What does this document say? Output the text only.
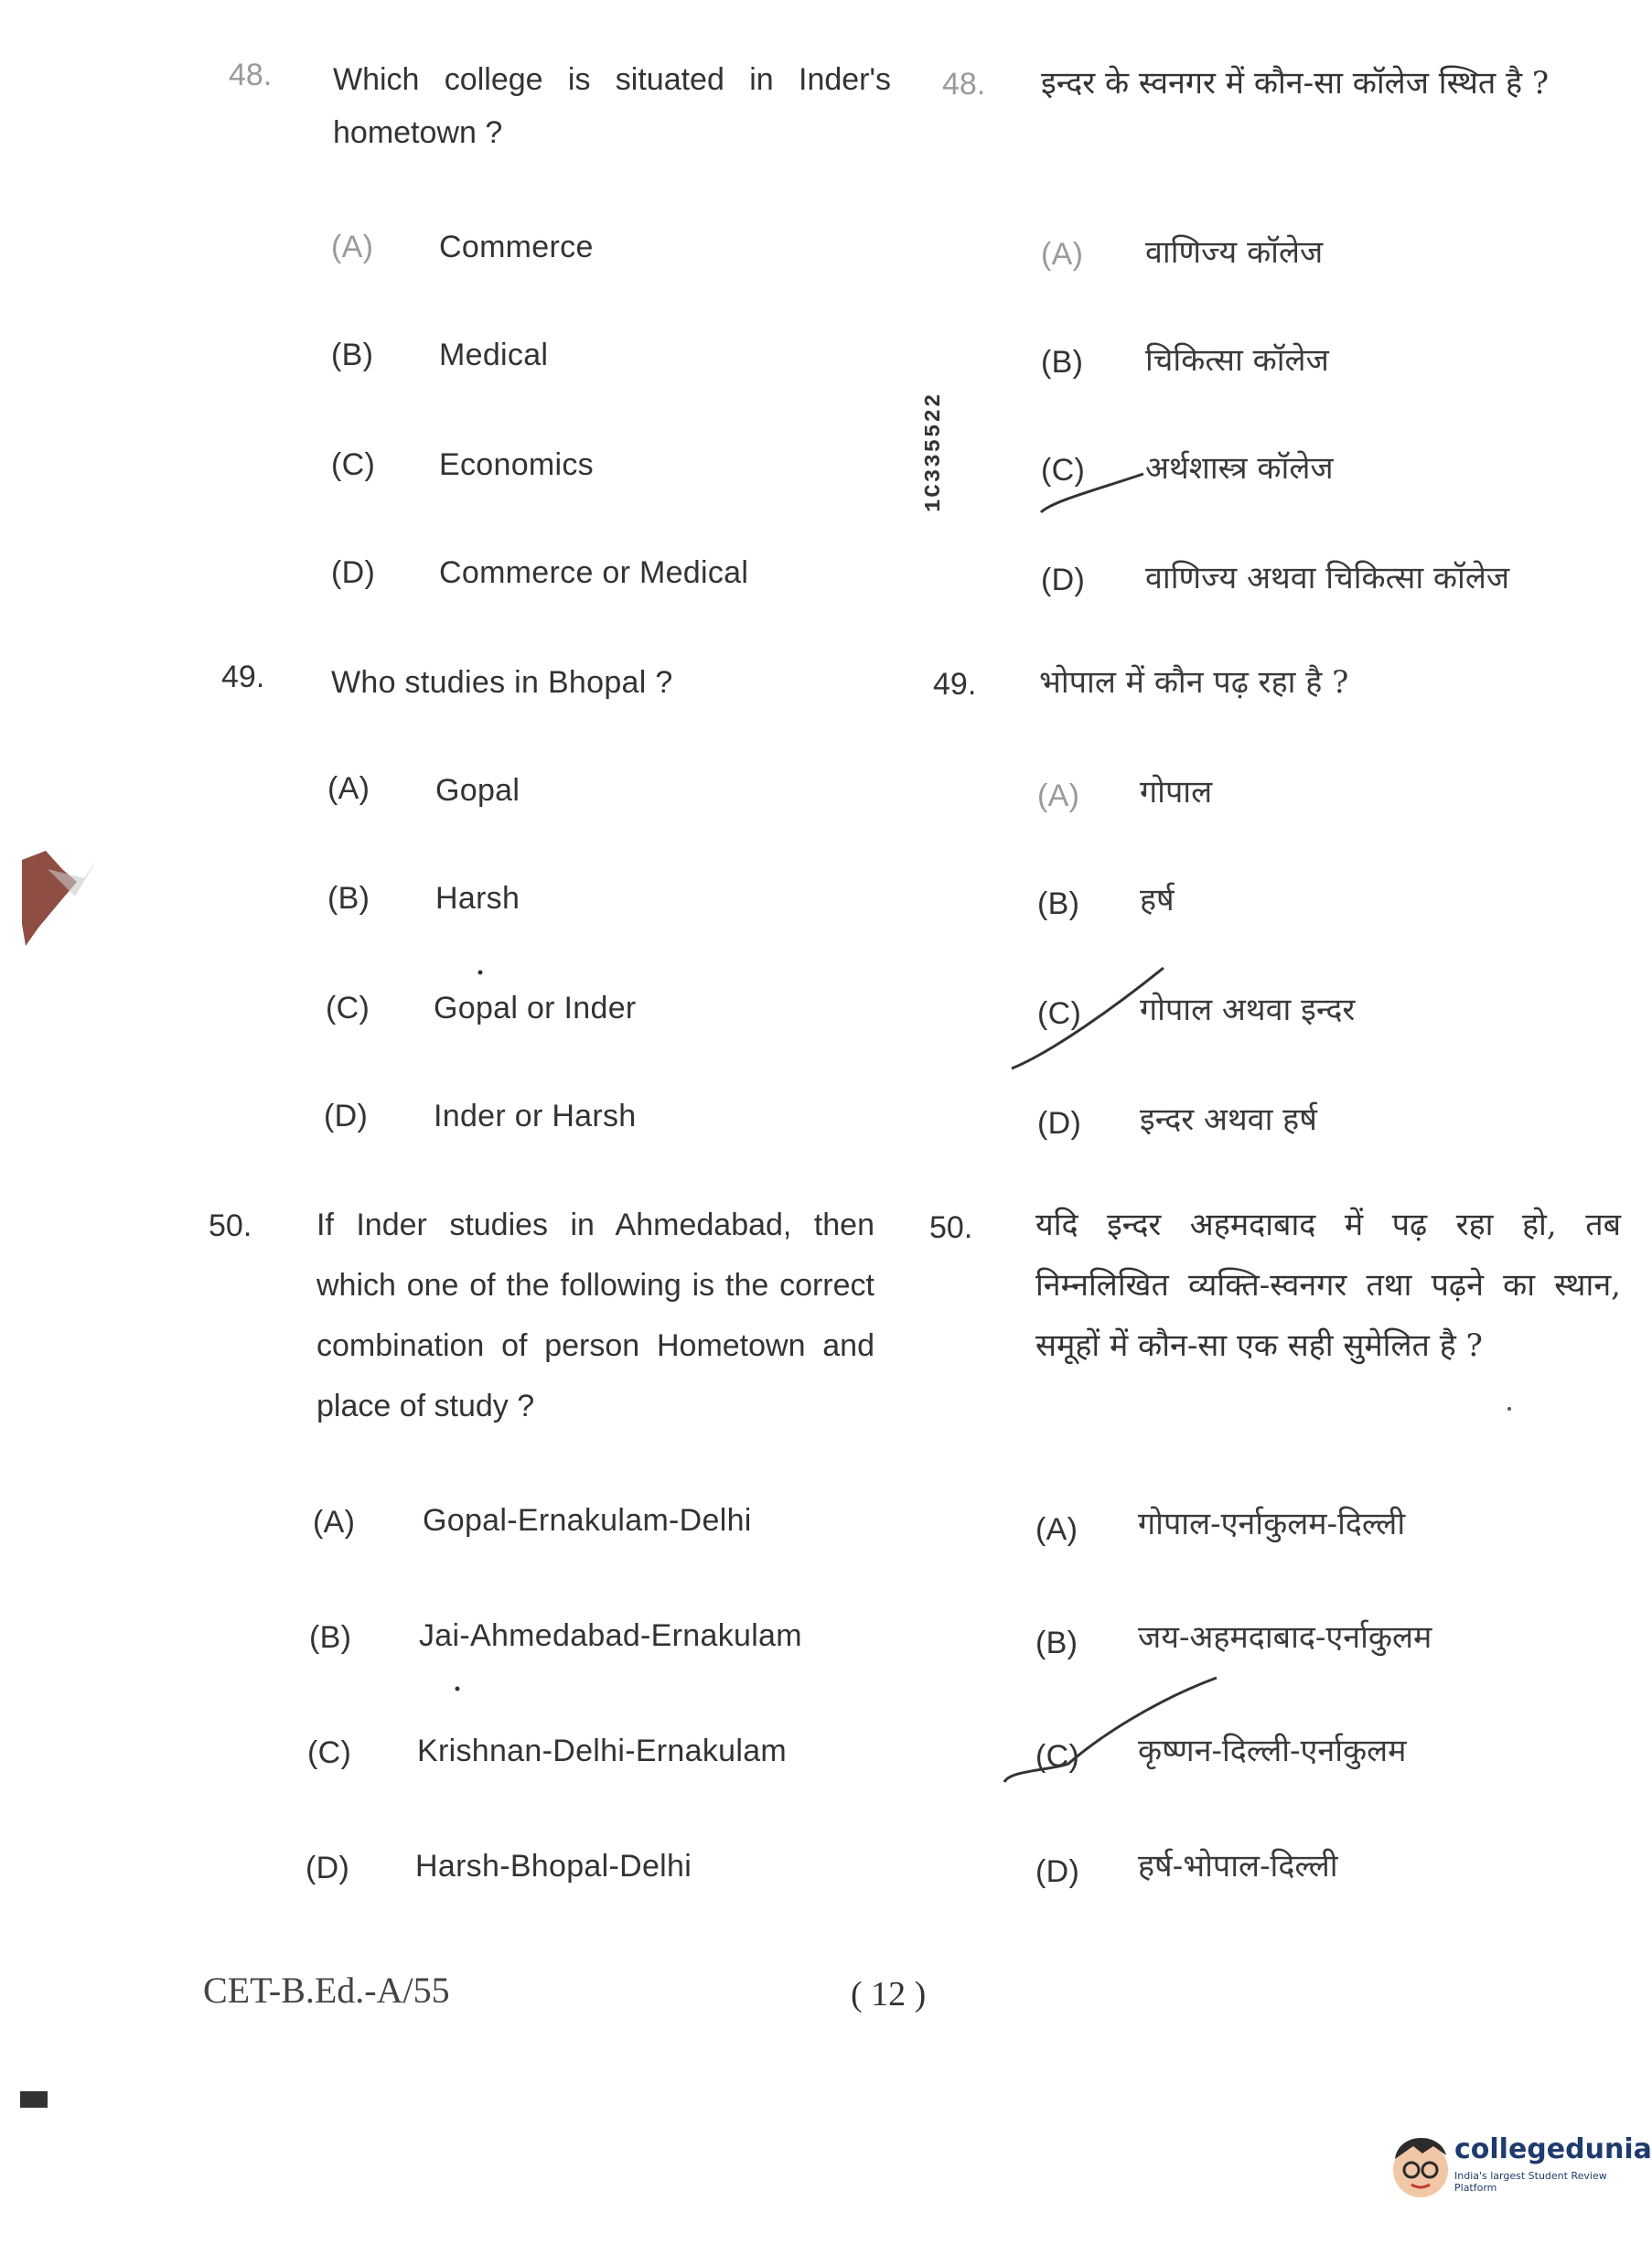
48. Which college is situated in Inder's hometown ?
(A) Commerce
(B) Medical
(C) Economics
(D) Commerce or Medical
48. इन्दर के स्वनगर में कौन-सा कॉलेज स्थित है ?
(A) वाणिज्य कॉलेज
(B) चिकित्सा कॉलेज
(C) अर्थशास्त्र कॉलेज
(D) वाणिज्य अथवा चिकित्सा कॉलेज
49. Who studies in Bhopal ?
(A) Gopal
(B) Harsh
(C) Gopal or Inder
(D) Inder or Harsh
49. भोपाल में कौन पढ़ रहा है ?
(A) गोपाल
(B) हर्ष
(C) गोपाल अथवा इन्दर
(D) इन्दर अथवा हर्ष
50. If Inder studies in Ahmedabad, then which one of the following is the correct combination of person Hometown and place of study ?
(A) Gopal-Ernakulam-Delhi
(B) Jai-Ahmedabad-Ernakulam
(C) Krishnan-Delhi-Ernakulam
(D) Harsh-Bhopal-Delhi
50. यदि इन्दर अहमदाबाद में पढ़ रहा हो, तब निम्नलिखित व्यक्ति-स्वनगर तथा पढ़ने का स्थान, समूहों में कौन-सा एक सही सुमेलित है ?
(A) गोपाल-एर्नाकुलम-दिल्ली
(B) जय-अहमदाबाद-एर्नाकुलम
(C) कृष्णन-दिल्ली-एर्नाकुलम
(D) हर्ष-भोपाल-दिल्ली
1C335522
CET-B.Ed.-A/55	( 12 )
collegedunia
India's largest Student Review Platform
